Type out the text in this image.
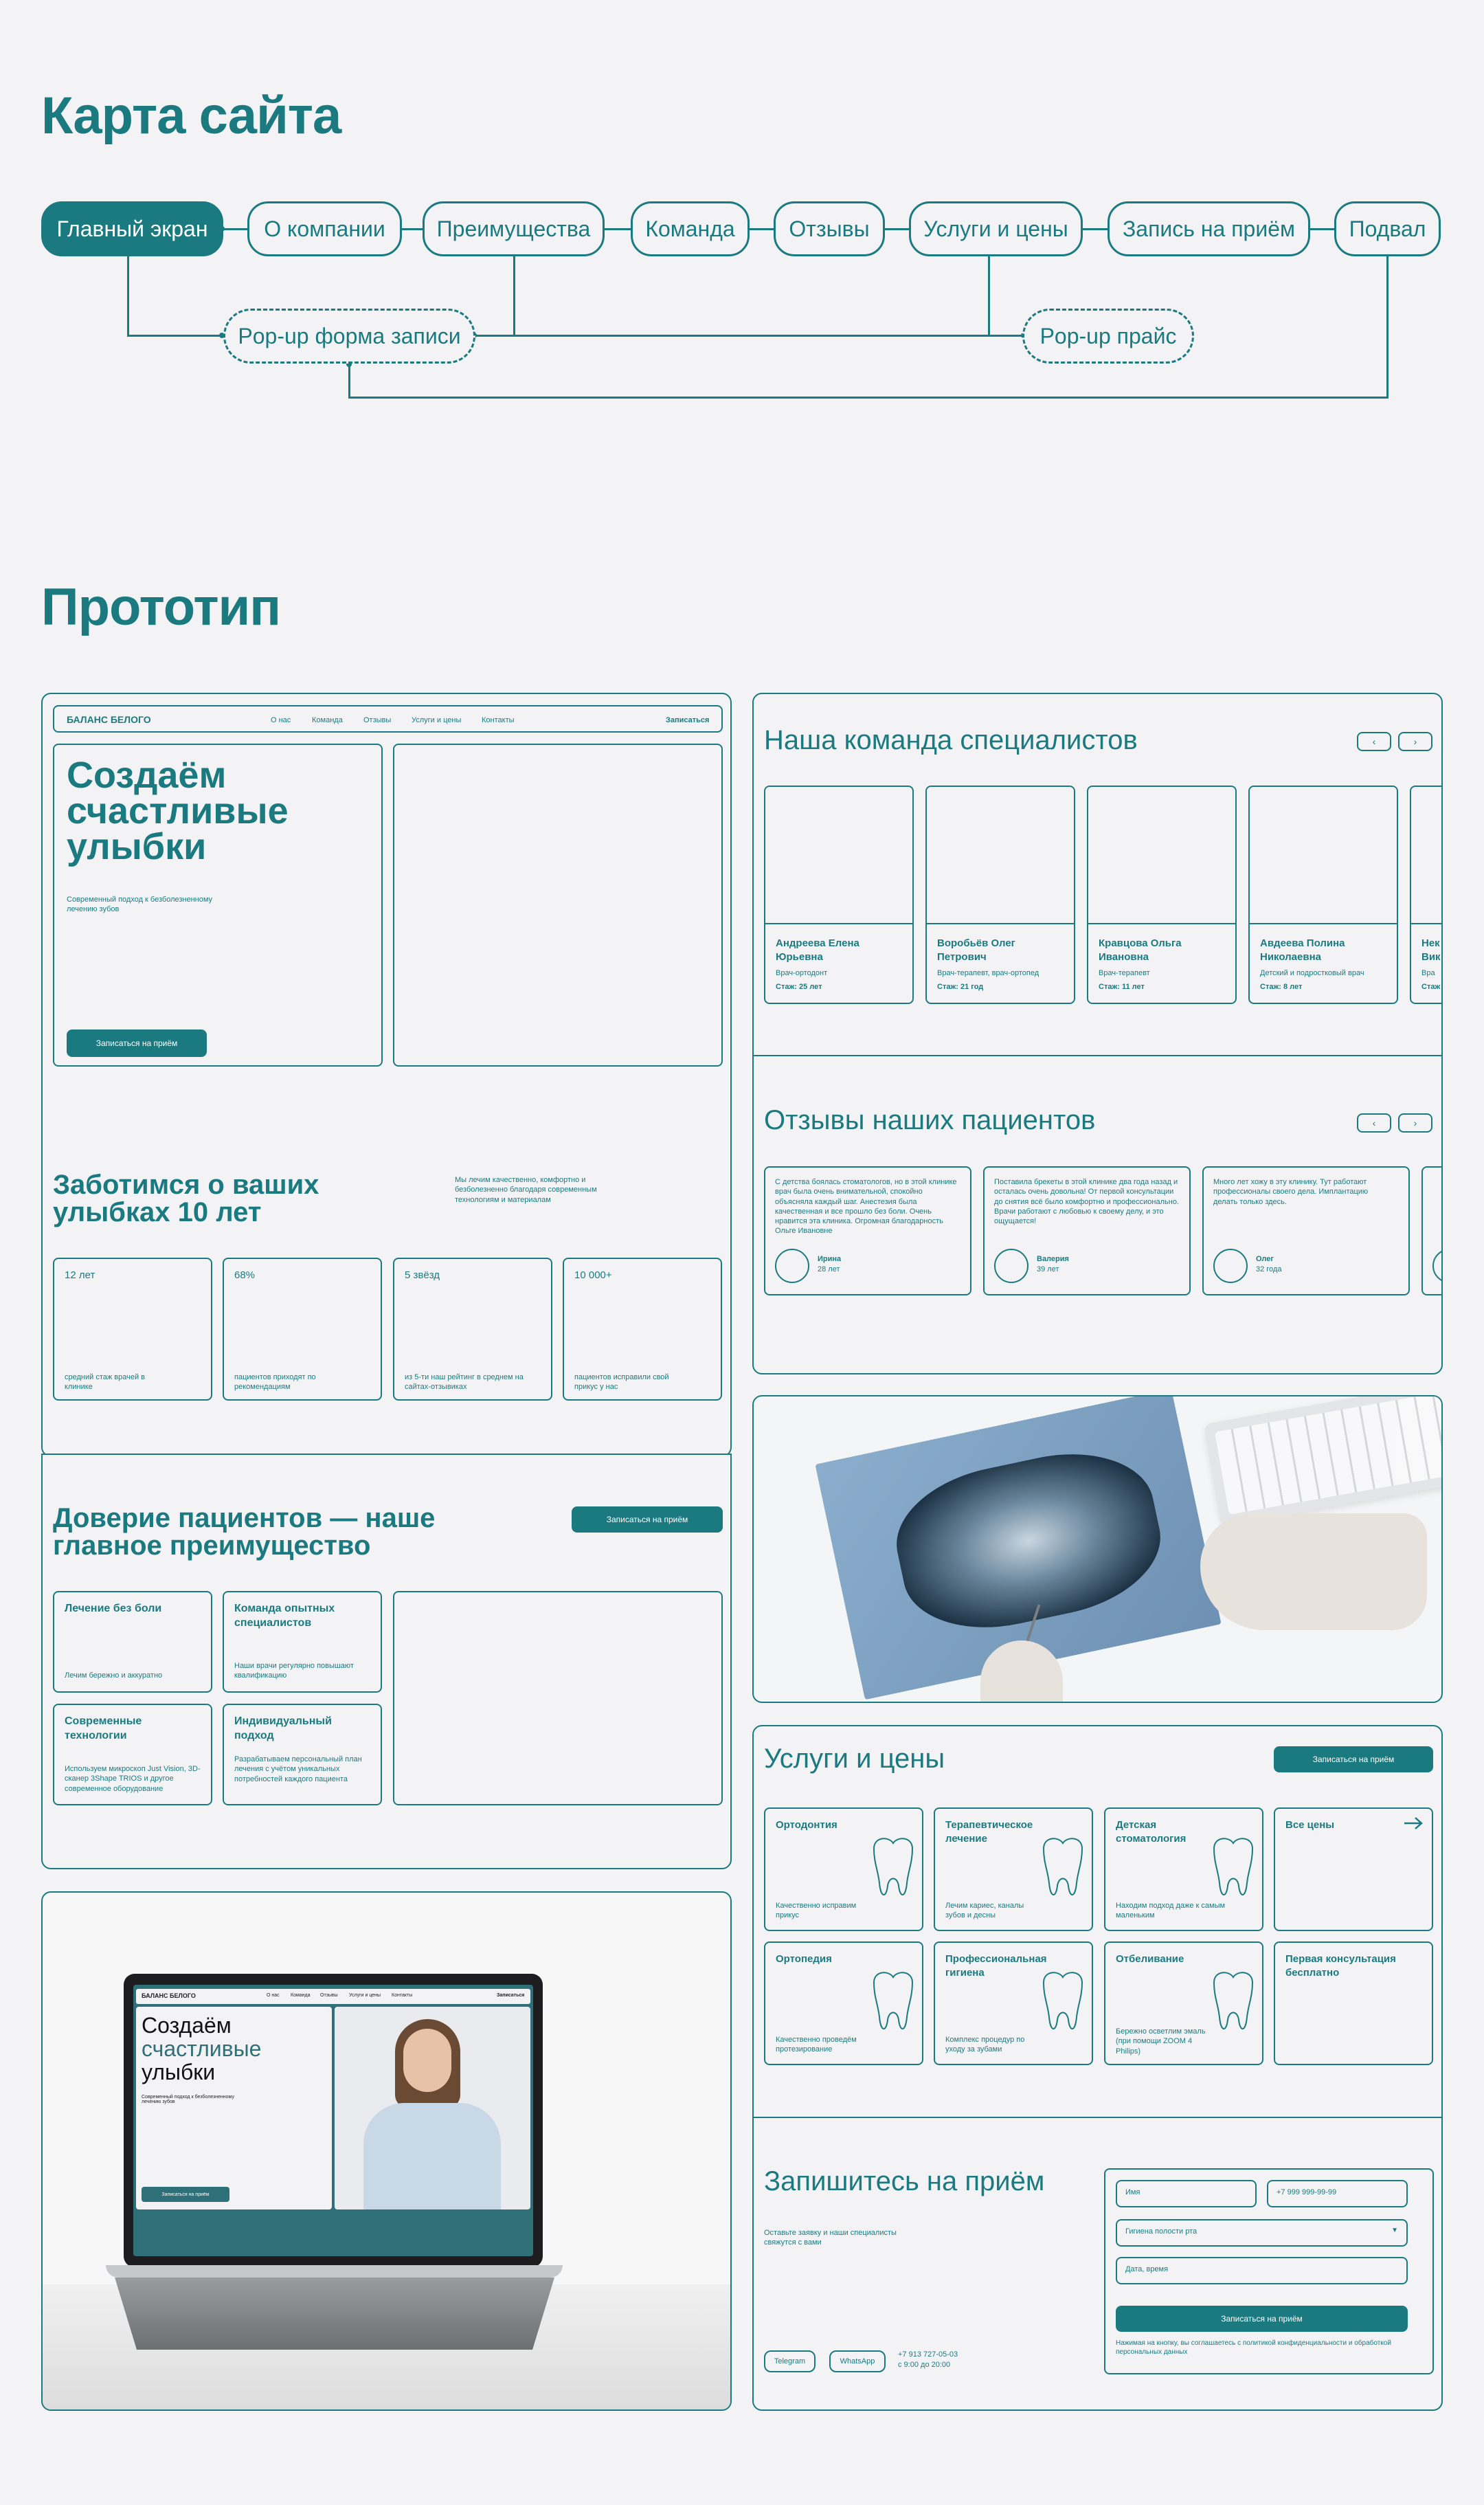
Карта сайта
Главный экран	О компании	Преимущества	Команда	Отзывы	Услуги и цены	Запись на приём	Подвал
Pop-up форма записи	Pop-up прайс
Прототип
БАЛАНС БЕЛОГО	О нас	Команда	Отзывы	Услуги и цены	Контакты	Записаться
Создаём счастливые улыбки
Современный подход к безболезненному лечению зубов
Записаться на приём
Заботимся о ваших улыбках 10 лет
Мы лечим качественно, комфортно и безболезненно благодаря современным технологиям и материалам
12 лет
средний стаж врачей в клинике
68%
пациентов приходят по рекомендациям
5 звёзд
из 5-ти наш рейтинг в среднем на сайтах-отзывиках
10 000+
пациентов исправили свой прикус у нас
Доверие пациентов — наше главное преимущество
Записаться на приём
Лечение без боли
Лечим бережно и аккуратно
Команда опытных специалистов
Наши врачи регулярно повышают квалификацию
Современные технологии
Используем микроскоп Just Vision, 3D-сканер 3Shape TRIOS и другое современное оборудование
Индивидуальный подход
Разрабатываем персональный план лечения с учётом уникальных потребностей каждого пациента
БАЛАНС БЕЛОГО	О нас Команда Отзывы Услуги и цены Контакты	Записаться
Создаём
счастливые
улыбки
Современный подход к безболезненному лечению зубов
Записаться на приём
Наша команда специалистов	‹	›
Андреева Елена Юрьевна
Врач-ортодонт
Стаж: 25 лет
Воробьёв Олег Петрович
Врач-терапевт, врач-ортопед
Стаж: 21 год
Кравцова Ольга Ивановна
Врач-терапевт
Стаж: 11 лет
Авдеева Полина Николаевна
Детский и подростковый врач
Стаж: 8 лет
Нек Вик
Вра
Стаж
Отзывы наших пациентов	‹	›
С детства боялась стоматологов, но в этой клинике врач была очень внимательной, спокойно объясняла каждый шаг. Анестезия была качественная и все прошло без боли. Очень нравится эта клиника. Огромная благодарность Ольге Ивановне
Ирина
28 лет
Поставила брекеты в этой клинике два года назад и осталась очень довольна! От первой консультации до снятия всё было комфортно и профессионально. Врачи работают с любовью к своему делу, и это ощущается!
Валерия
39 лет
Много лет хожу в эту клинику. Тут работают профессионалы своего дела. Имплантацию делать только здесь.
Олег
32 года
Услуги и цены	Записаться на приём
Ортодонтия
Качественно исправим прикус
Терапевтическое лечение
Лечим кариес, каналы зубов и десны
Детская стоматология
Находим подход даже к самым маленьким
Все цены
Ортопедия
Качественно проведём протезирование
Профессиональная гигиена
Комплекс процедур по уходу за зубами
Отбеливание
Бережно осветлим эмаль (при помощи ZOOM 4 Philips)
Первая консультация бесплатно
Запишитесь на приём
Оставьте заявку и наши специалисты свяжутся с вами
Telegram	WhatsApp
+7 913 727-05-03
с 9:00 до 20:00
Имя	+7 999 999-99-99
Гигиена полости рта	▼
Дата, время
Записаться на приём
Нажимая на кнопку, вы соглашаетесь с политикой конфиденциальности и обработкой персональных данных
